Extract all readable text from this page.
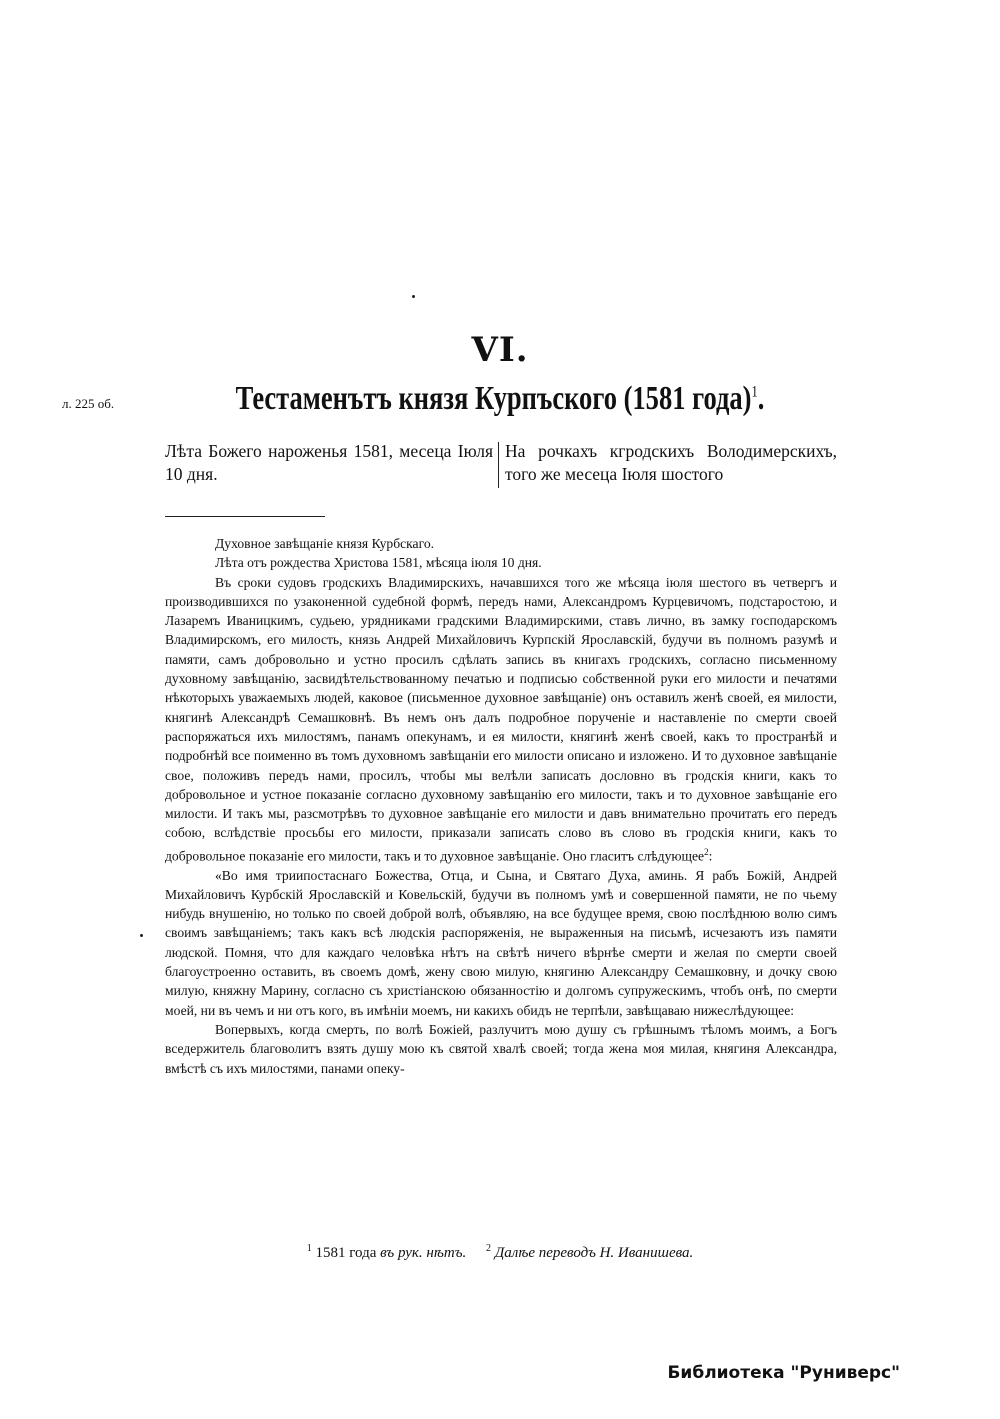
VI.
л. 225 об.	Тестаменътъ князя Курпъского (1581 года)$^1$.
Лѣта Божего нароженья 1581, месеца Іюля 10 дня.
На рочкахъ кгродскихъ Володимерскихъ, того же месеца Іюля шостого

Духовное завѣщаніе князя Курбскаго.

Лѣта отъ рождества Христова 1581, мѣсяца іюля 10 дня.

Въ сроки судовъ гродскихъ Владимирскихъ, начавшихся того же мѣсяца іюля шестого въ четвергъ и производившихся по узаконенной судебной формѣ, передъ нами, Александромъ Курцевичомъ, подстаростою, и Лазаремъ Иваницкимъ, судьею, урядниками градскими Владимирскими, ставъ лично, въ замку господарскомъ Владимирскомъ, его милость, князь Андрей Михайловичъ Курпскій Ярославскій, будучи въ полномъ разумѣ и памяти, самъ добровольно и устно просилъ сдѣлать запись въ книгахъ гродскихъ, согласно письменному духовному завѣщанію, засвидѣтельствованному печатью и подписью собственной руки его милости и печатями нѣкоторыхъ уважаемыхъ людей, каковое (письменное духовное завѣщаніе) онъ оставилъ женѣ своей, ея милости, княгинѣ Александрѣ Семашковнѣ. Въ немъ онъ далъ подробное порученіе и наставленіе по смерти своей распоряжаться ихъ милостямъ, панамъ опекунамъ, и ея милости, княгинѣ женѣ своей, какъ то пространѣй и подробнѣй все поименно въ томъ духовномъ завѣщаніи его милости описано и изложено. И то духовное завѣщаніе свое, положивъ передъ нами, просилъ, чтобы мы велѣли записать дословно въ гродскія книги, какъ то добровольное и устное показаніе согласно духовному завѣщанію его милости, такъ и то духовное завѣщаніе его милости. И такъ мы, разсмотрѣвъ то духовное завѣщаніе его милости и давъ внимательно прочитать его передъ собою, вслѣдствіе просьбы его милости, приказали записать слово въ слово въ гродскія книги, какъ то добровольное показаніе его милости, такъ и то духовное завѣщаніе. Оно гласитъ слѣдующее$^2$:

«Во имя триипостаснаго Божества, Отца, и Сына, и Святаго Духа, аминь. Я рабъ Божій, Андрей Михайловичъ Курбскій Ярославскій и Ковельскій, будучи въ полномъ умѣ и совершенной памяти, не по чьему нибудь внушенію, но только по своей доброй волѣ, объявляю, на все будущее время, свою послѣднюю волю симъ своимъ завѣщаніемъ; такъ какъ всѣ людскія распоряженія, не выраженныя на письмѣ, исчезаютъ изъ памяти людской. Помня, что для каждаго человѣка нѣтъ на свѣтѣ ничего вѣрнѣе смерти и желая по смерти своей благоустроенно оставить, въ своемъ домѣ, жену свою милую, княгиню Александру Семашковну, и дочку свою милую, княжну Марину, согласно съ христіанскою обязанностію и долгомъ супружескимъ, чтобъ онѣ, по смерти моей, ни въ чемъ и ни отъ кого, въ имѣніи моемъ, ни какихъ обидъ не терпѣли, завѣщаваю нижеслѣдующее:

Вопервыхъ, когда смерть, по волѣ Божіей, разлучитъ мою душу съ грѣшнымъ тѣломъ моимъ, а Богъ вседержитель благоволитъ взять душу мою къ святой хвалѣ своей; тогда жена моя милая, княгиня Александра, вмѣстѣ съ ихъ милостями, панами опеку-

$^1$ 1581 года въ рук. нѣтъ. $^2$ Далѣе переводъ Н. Иванишева.
Библиотека "Руниверс"
